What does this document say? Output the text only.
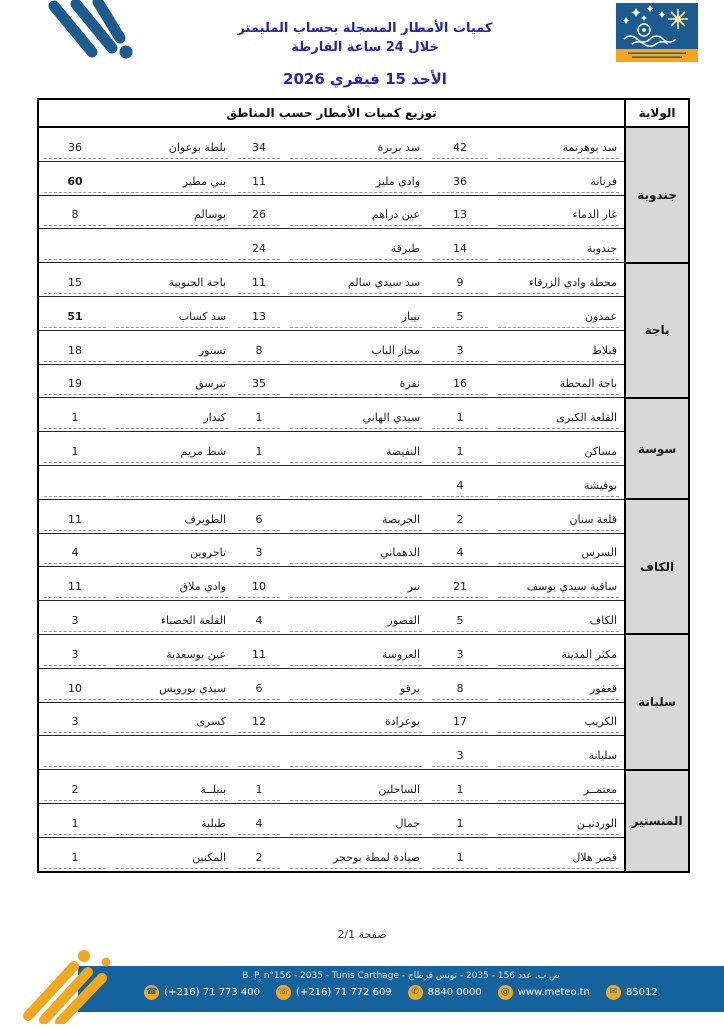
كميات الأمطار المسجلة بحساب المليمتر
خلال 24 ساعة الفارطة
الأحد 15 فيفري 2026
الولاية	توزيع كميات الأمطار حسب المناطق					
جندوبة	سد بوهرتمة	42	سد بربرة	34	بلطة بوعوان	36

	فرنانة	36	وادي مليز	11	بني مطير	60

	غار الدماء	13	عين دراهم	26	بوسالم	8

	جندوبة	14	طبرقة	24		

باجة	محطة وادي الزرقاء	9	سد سيدي سالم	11	باجة الجنوبية	15

	عمدون	5	تيبار	13	سد كساب	51

	قبلاط	3	مجاز الباب	8	تستور	18

	باجة المحطة	16	نفزة	35	تبرسق	19

سوسة	القلعة الكبرى	1	سيدي الهاني	1	كندار	1

	مساكن	1	النفيضة	1	شط مريم	1

	بوفيشة	4				

الكاف	قلعة سنان	2	الجريصة	6	الطويرف	11

	السرس	4	الدهماني	3	تاجروين	4

	ساقية سيدي يوسف	21	نبر	10	وادي ملاق	11

	الكاف	5	القصور	4	القلعة الخصباء	3

سليانة	مكثر المدينة	3	العروسة	11	عين بوسعدية	3

	قعفور	8	برقو	6	سيدي بورويس	10

	الكريب	17	بوعرادة	12	كسرى	3

	سليانة	3				

المنستير	معتمــر	1	الساحلين	1	بنبلــة	2

	الوردنيـن	1	جمال	4	طبلبة	1

	قصر هلال	1	صيادة لمطة بوحجر	2	المكنين	1
صفحة 2/1
B. P. n°156 - 2035 - Tunis Carthage - ص.ب. عدد 156 - 2035 - تونس قرطاج
☎ (+216) 71 773 400 ☏ (+216) 71 772 609	✆ 8840 0000	@ www.meteo.tn	✉ 85012
